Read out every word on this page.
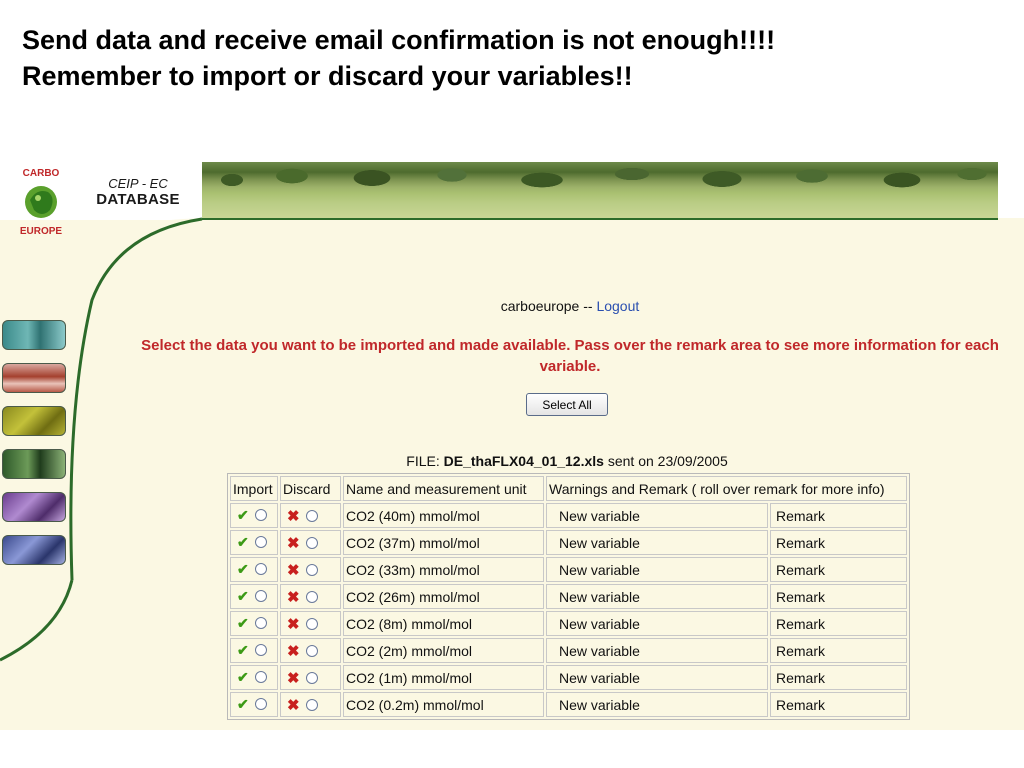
Send data and receive email confirmation is not enough!!!!
Remember to import or discard your variables!!
CARBO
EUROPE
CEIP - EC
DATABASE
carboeurope -- Logout
Select the data you want to be imported and made available. Pass over the remark area to see more information for each variable.
Select All
FILE: DE_thaFLX04_01_12.xls sent on 23/09/2005
Import	Discard	Name and measurement unit	Warnings and Remark ( roll over remark for more info)	
✔	✖	CO2 (40m) mmol/mol	New variable	Remark
✔	✖	CO2 (37m) mmol/mol	New variable	Remark
✔	✖	CO2 (33m) mmol/mol	New variable	Remark
✔	✖	CO2 (26m) mmol/mol	New variable	Remark
✔	✖	CO2 (8m) mmol/mol	New variable	Remark
✔	✖	CO2 (2m) mmol/mol	New variable	Remark
✔	✖	CO2 (1m) mmol/mol	New variable	Remark
✔	✖	CO2 (0.2m) mmol/mol	New variable	Remark
